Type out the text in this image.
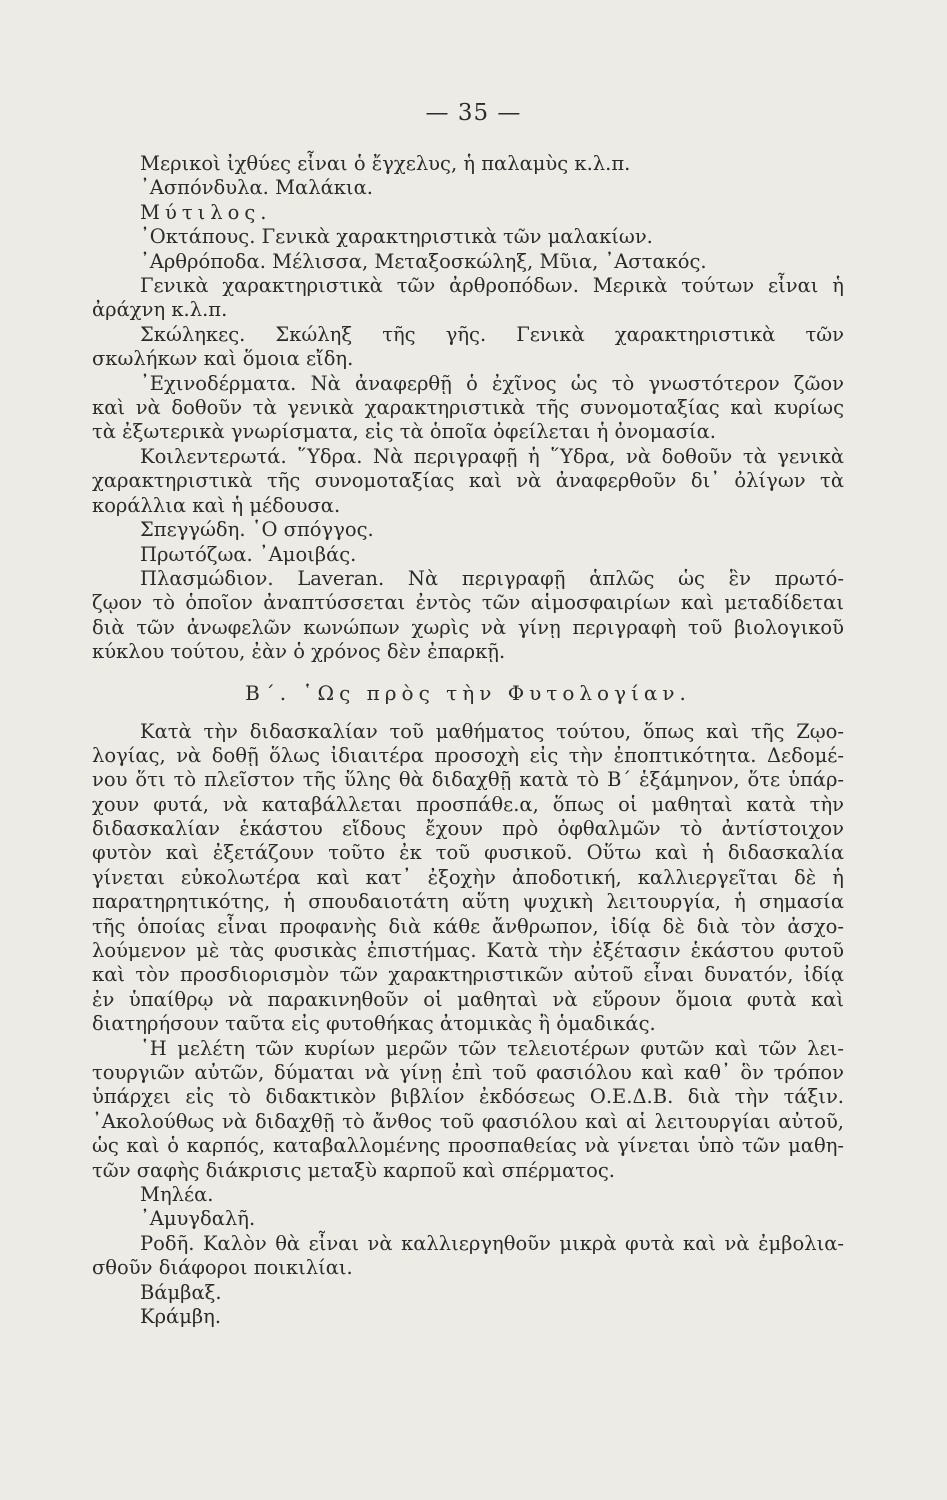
— 35 —
Μερικοὶ ἰχθύες εἶναι ὁ ἔγχελυς, ἡ παλαμὺς κ.λ.π.
᾿Ασπόνδυλα. Μαλάκια.
Μύτιλος.
᾿Οκτάπους. Γενικὰ χαρακτηριστικὰ τῶν μαλακίων.
᾿Αρθρόποδα. Μέλισσα, Μεταξοσκώληξ, Μῦια, ᾿Αστακός.
Γενικὰ χαρακτηριστικὰ τῶν ἀρθροπόδων. Μερικὰ τούτων εἶναι ἡ
ἀράχνη κ.λ.π.
Σκώληκες. Σκώληξ τῆς γῆς. Γενικὰ χαρακτηριστικὰ τῶν
σκωλήκων καὶ ὅμοια εἴδη.
᾿Εχινοδέρματα. Νὰ ἀναφερθῇ ὁ ἐχῖνος ὡς τὸ γνωστότερον ζῶον
καὶ νὰ δοθοῦν τὰ γενικὰ χαρακτηριστικὰ τῆς συνομοταξίας καὶ κυρίως
τὰ ἐξωτερικὰ γνωρίσματα, εἰς τὰ ὁποῖα ὀφείλεται ἡ ὀνομασία.
Κοιλεντερωτά. ῞Υδρα. Νὰ περιγραφῇ ἡ ῞Υδρα, νὰ δοθοῦν τὰ γενικὰ
χαρακτηριστικὰ τῆς συνομοταξίας καὶ νὰ ἀναφερθοῦν δι᾿ ὀλίγων τὰ
κοράλλια καὶ ἡ μέδουσα.
Σπεγγώδη. ῾Ο σπόγγος.
Πρωτόζωα. ᾿Αμοιβάς.
Πλασμώδιον. Laveran. Νὰ περιγραφῇ ἁπλῶς ὡς ἓν πρωτό-
ζῳον τὸ ὁποῖον ἀναπτύσσεται ἐντὸς τῶν αἱμοσφαιρίων καὶ μεταδίδεται
διὰ τῶν ἀνωφελῶν κωνώπων χωρὶς νὰ γίνῃ περιγραφὴ τοῦ βιολογικοῦ
κύκλου τούτου, ἐὰν ὁ χρόνος δὲν ἐπαρκῇ.
Β΄. ῾Ως πρὸς τὴν Φυτολογίαν.
Κατὰ τὴν διδασκαλίαν τοῦ μαθήματος τούτου, ὅπως καὶ τῆς Ζῳο-
λογίας, νὰ δοθῇ ὅλως ἰδιαιτέρα προσοχὴ εἰς τὴν ἐποπτικότητα. Δεδομέ-
νου ὅτι τὸ πλεῖστον τῆς ὕλης θὰ διδαχθῇ κατὰ τὸ Β΄ ἑξάμηνον, ὅτε ὑπάρ-
χουν φυτά, νὰ καταβάλλεται προσπάθε.α, ὅπως οἱ μαθηταὶ κατὰ τὴν
διδασκαλίαν ἑκάστου εἴδους ἔχουν πρὸ ὀφθαλμῶν τὸ ἀντίστοιχον
φυτὸν καὶ ἐξετάζουν τοῦτο ἐκ τοῦ φυσικοῦ. Οὕτω καὶ ἡ διδασκαλία
γίνεται εὐκολωτέρα καὶ κατ᾿ ἐξοχὴν ἀποδοτική, καλλιεργεῖται δὲ ἡ
παρατηρητικότης, ἡ σπουδαιοτάτη αὕτη ψυχικὴ λειτουργία, ἡ σημασία
τῆς ὁποίας εἶναι προφανὴς διὰ κάθε ἄνθρωπον, ἰδίᾳ δὲ διὰ τὸν ἀσχο-
λούμενον μὲ τὰς φυσικὰς ἐπιστήμας. Κατὰ τὴν ἐξέτασιν ἑκάστου φυτοῦ
καὶ τὸν προσδιορισμὸν τῶν χαρακτηριστικῶν αὐτοῦ εἶναι δυνατόν, ἰδίᾳ
ἐν ὑπαίθρῳ νὰ παρακινηθοῦν οἱ μαθηταὶ νὰ εὕρουν ὅμοια φυτὰ καὶ
διατηρήσουν ταῦτα εἰς φυτοθήκας ἀτομικὰς ἢ ὁμαδικάς.
῾Η μελέτη τῶν κυρίων μερῶν τῶν τελειοτέρων φυτῶν καὶ τῶν λει-
τουργιῶν αὐτῶν, δύμαται νὰ γίνῃ ἐπὶ τοῦ φασιόλου καὶ καθ᾿ ὃν τρόπον
ὑπάρχει εἰς τὸ διδακτικὸν βιβλίον ἐκδόσεως Ο.Ε.Δ.Β. διὰ τὴν τάξιν.
᾿Ακολούθως νὰ διδαχθῇ τὸ ἄνθος τοῦ φασιόλου καὶ αἱ λειτουργίαι αὐτοῦ,
ὡς καὶ ὁ καρπός, καταβαλλομένης προσπαθείας νὰ γίνεται ὑπὸ τῶν μαθη-
τῶν σαφὴς διάκρισις μεταξὺ καρποῦ καὶ σπέρματος.
Μηλέα.
᾿Αμυγδαλῆ.
Ροδῆ. Καλὸν θὰ εἶναι νὰ καλλιεργηθοῦν μικρὰ φυτὰ καὶ νὰ ἐμβολια-
σθοῦν διάφοροι ποικιλίαι.
Βάμβαξ.
Κράμβη.
